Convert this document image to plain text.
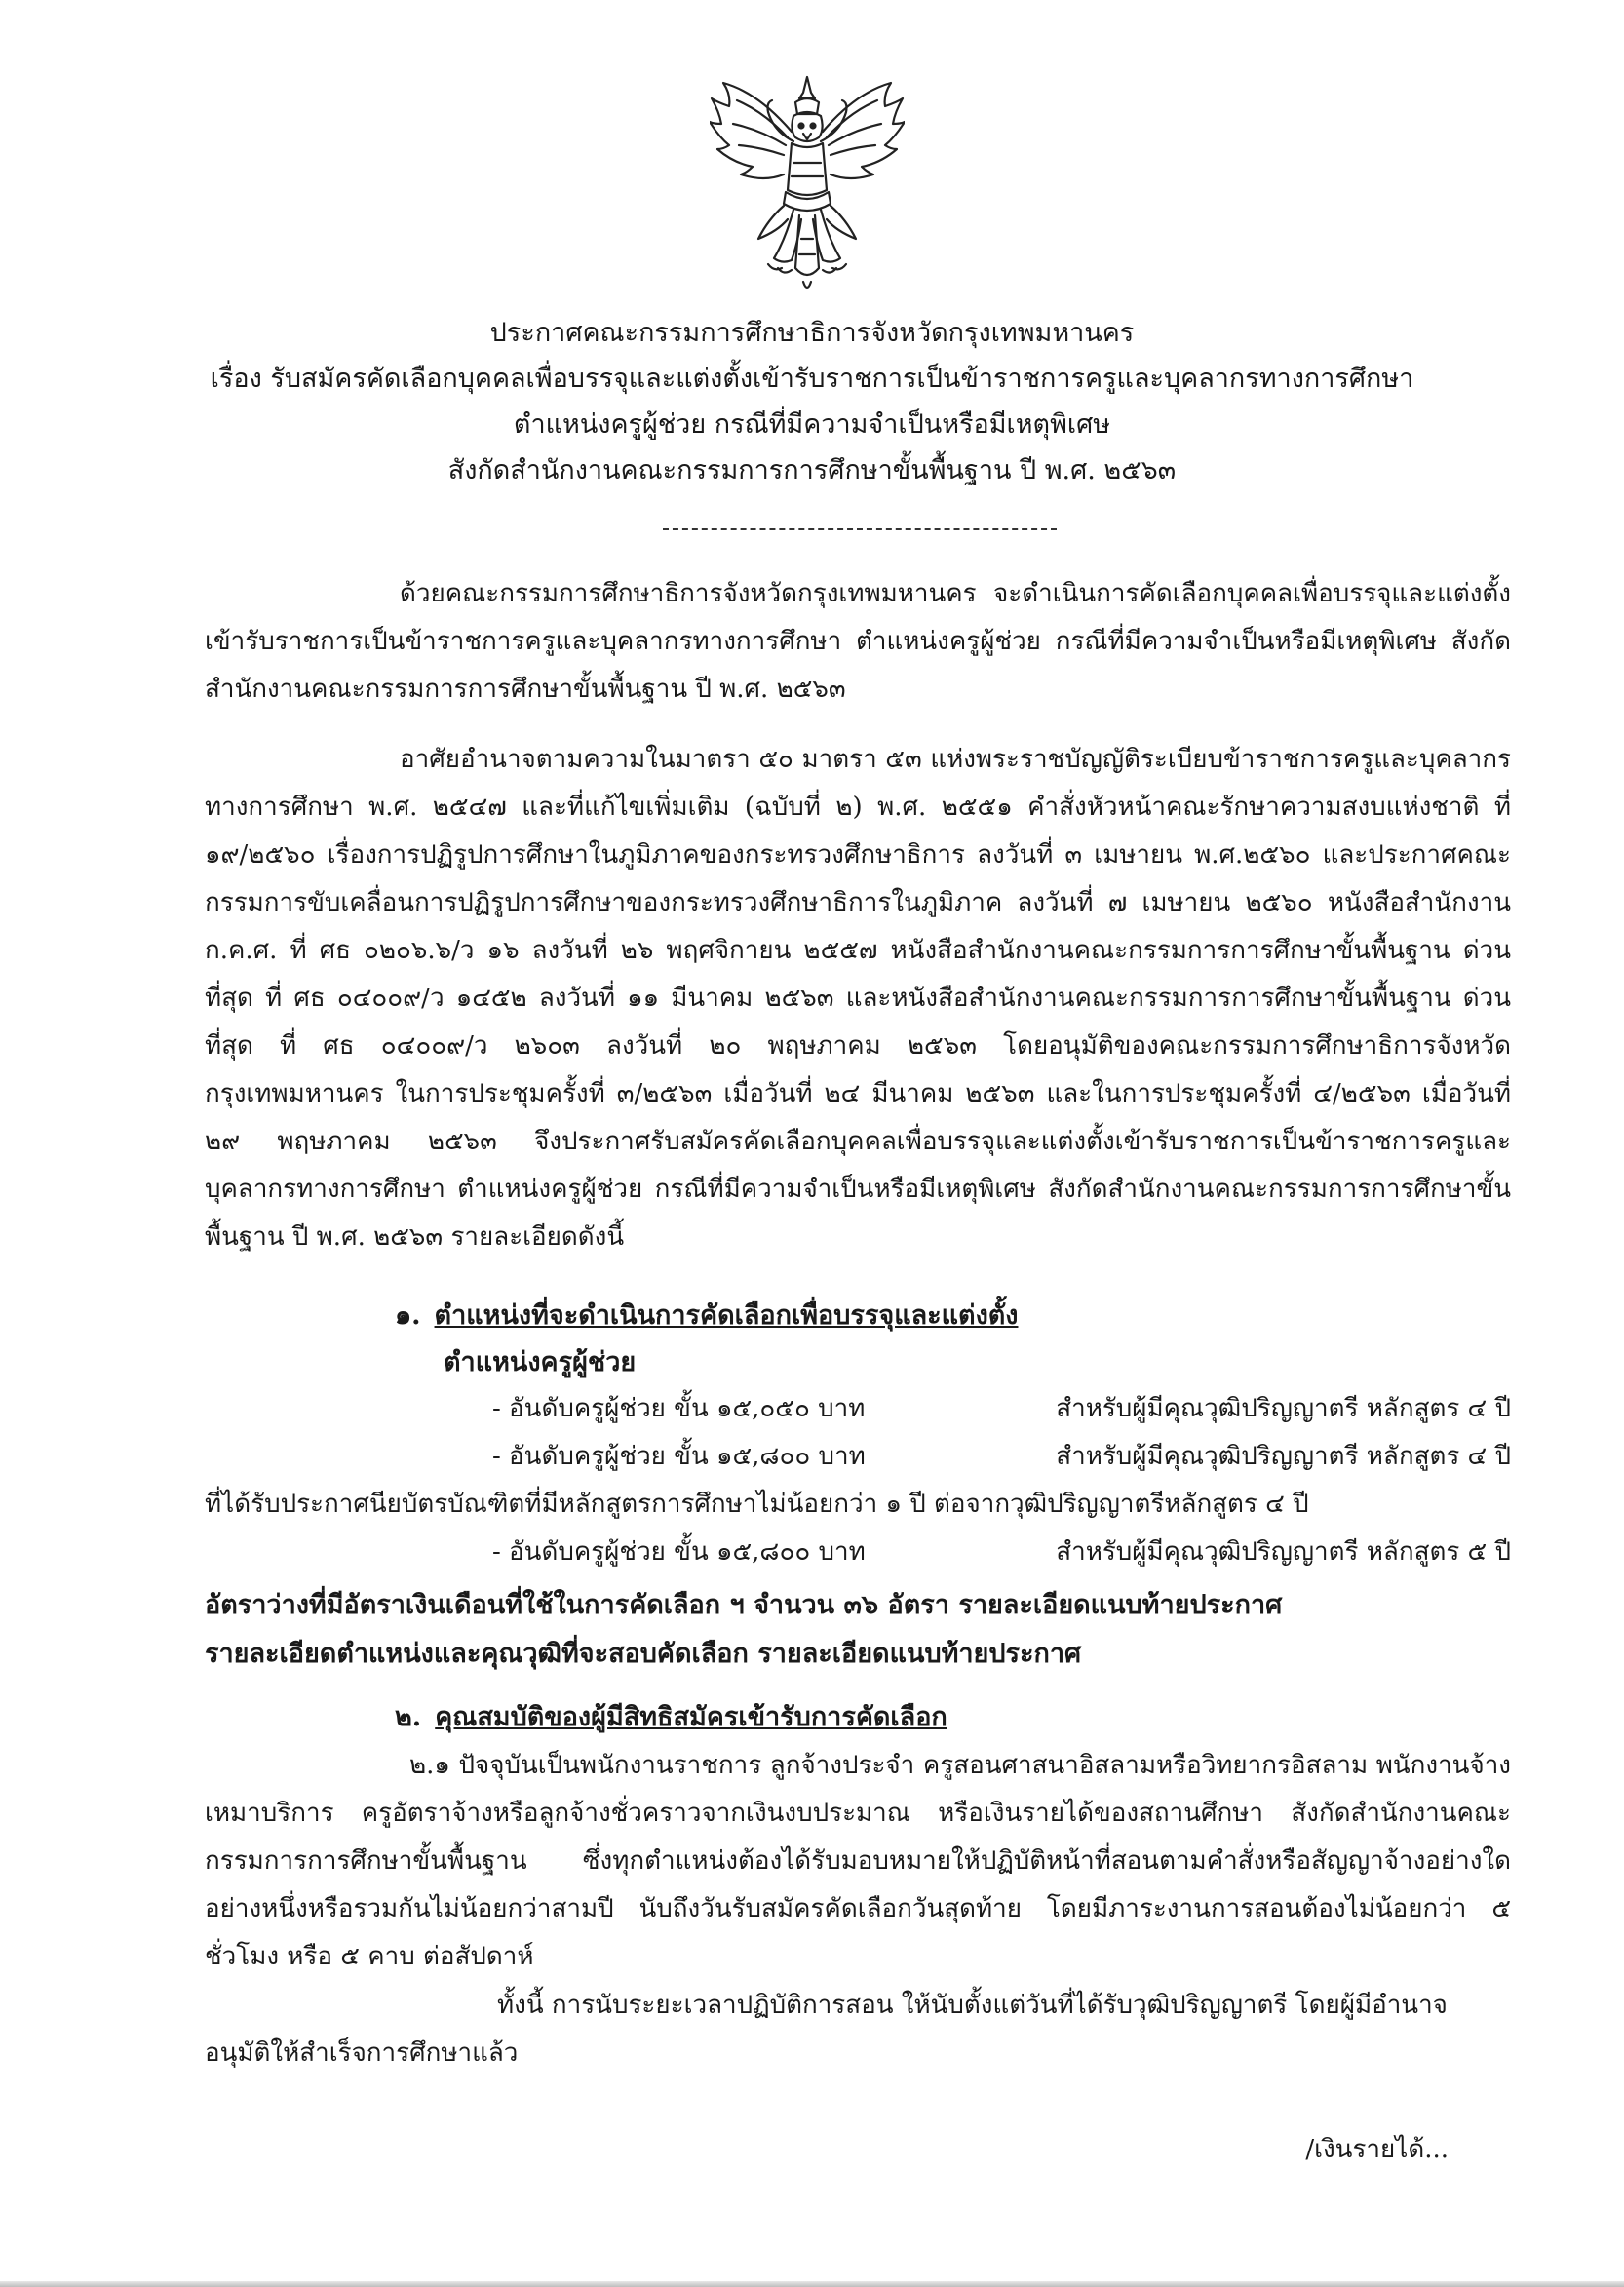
ประกาศคณะกรรมการศึกษาธิการจังหวัดกรุงเทพมหานคร
เรื่อง รับสมัครคัดเลือกบุคคลเพื่อบรรจุและแต่งตั้งเข้ารับราชการเป็นข้าราชการครูและบุคลากรทางการศึกษา
ตำแหน่งครูผู้ช่วย กรณีที่มีความจำเป็นหรือมีเหตุพิเศษ
สังกัดสำนักงานคณะกรรมการการศึกษาขั้นพื้นฐาน ปี พ.ศ. ๒๕๖๓

ด้วยคณะกรรมการศึกษาธิการจังหวัดกรุงเทพมหานคร จะดำเนินการคัดเลือกบุคคลเพื่อบรรจุและแต่งตั้งเข้ารับราชการเป็นข้าราชการครูและบุคลากรทางการศึกษา ตำแหน่งครูผู้ช่วย กรณีที่มีความจำเป็นหรือมีเหตุพิเศษ สังกัดสำนักงานคณะกรรมการการศึกษาขั้นพื้นฐาน ปี พ.ศ. ๒๕๖๓

อาศัยอำนาจตามความในมาตรา ๕๐ มาตรา ๕๓ แห่งพระราชบัญญัติระเบียบข้าราชการครูและบุคลากรทางการศึกษา พ.ศ. ๒๕๔๗ และที่แก้ไขเพิ่มเติม (ฉบับที่ ๒) พ.ศ. ๒๕๕๑ คำสั่งหัวหน้าคณะรักษาความสงบแห่งชาติ ที่ ๑๙/๒๕๖๐ เรื่องการปฏิรูปการศึกษาในภูมิภาคของกระทรวงศึกษาธิการ ลงวันที่ ๓ เมษายน พ.ศ.๒๕๖๐ และประกาศคณะกรรมการขับเคลื่อนการปฏิรูปการศึกษาของกระทรวงศึกษาธิการในภูมิภาค ลงวันที่ ๗ เมษายน ๒๕๖๐ หนังสือสำนักงาน ก.ค.ศ. ที่ ศธ ๐๒๐๖.๖/ว ๑๖ ลงวันที่ ๒๖ พฤศจิกายน ๒๕๕๗ หนังสือสำนักงานคณะกรรมการการศึกษาขั้นพื้นฐาน ด่วนที่สุด ที่ ศธ ๐๔๐๐๙/ว ๑๔๕๒ ลงวันที่ ๑๑ มีนาคม ๒๕๖๓ และหนังสือสำนักงานคณะกรรมการการศึกษาขั้นพื้นฐาน ด่วนที่สุด ที่ ศธ ๐๔๐๐๙/ว ๒๖๐๓ ลงวันที่ ๒๐ พฤษภาคม ๒๕๖๓ โดยอนุมัติของคณะกรรมการศึกษาธิการจังหวัดกรุงเทพมหานคร ในการประชุมครั้งที่ ๓/๒๕๖๓ เมื่อวันที่ ๒๔ มีนาคม ๒๕๖๓ และในการประชุมครั้งที่ ๔/๒๕๖๓ เมื่อวันที่ ๒๙ พฤษภาคม ๒๕๖๓ จึงประกาศรับสมัครคัดเลือกบุคคลเพื่อบรรจุและแต่งตั้งเข้ารับราชการเป็นข้าราชการครูและบุคลากรทางการศึกษา ตำแหน่งครูผู้ช่วย กรณีที่มีความจำเป็นหรือมีเหตุพิเศษ สังกัดสำนักงานคณะกรรมการการศึกษาขั้นพื้นฐาน ปี พ.ศ. ๒๕๖๓ รายละเอียดดังนี้

๑. ตำแหน่งที่จะดำเนินการคัดเลือกเพื่อบรรจุและแต่งตั้ง
ตำแหน่งครูผู้ช่วย
- อันดับครูผู้ช่วย ขั้น ๑๕,๐๕๐ บาท	สำหรับผู้มีคุณวุฒิปริญญาตรี หลักสูตร ๔ ปี
- อันดับครูผู้ช่วย ขั้น ๑๕,๘๐๐ บาท	สำหรับผู้มีคุณวุฒิปริญญาตรี หลักสูตร ๔ ปี
ที่ได้รับประกาศนียบัตรบัณฑิตที่มีหลักสูตรการศึกษาไม่น้อยกว่า ๑ ปี ต่อจากวุฒิปริญญาตรีหลักสูตร ๔ ปี
- อันดับครูผู้ช่วย ขั้น ๑๕,๘๐๐ บาท	สำหรับผู้มีคุณวุฒิปริญญาตรี หลักสูตร ๕ ปี
อัตราว่างที่มีอัตราเงินเดือนที่ใช้ในการคัดเลือก ฯ จำนวน ๓๖ อัตรา รายละเอียดแนบท้ายประกาศ
รายละเอียดตำแหน่งและคุณวุฒิที่จะสอบคัดเลือก รายละเอียดแนบท้ายประกาศ
๒. คุณสมบัติของผู้มีสิทธิสมัครเข้ารับการคัดเลือก

๒.๑ ปัจจุบันเป็นพนักงานราชการ ลูกจ้างประจำ ครูสอนศาสนาอิสลามหรือวิทยากรอิสลาม พนักงานจ้างเหมาบริการ ครูอัตราจ้างหรือลูกจ้างชั่วคราวจากเงินงบประมาณ หรือเงินรายได้ของสถานศึกษา สังกัดสำนักงานคณะกรรมการการศึกษาขั้นพื้นฐาน ซึ่งทุกตำแหน่งต้องได้รับมอบหมายให้ปฏิบัติหน้าที่สอนตามคำสั่งหรือสัญญาจ้างอย่างใดอย่างหนึ่งหรือรวมกันไม่น้อยกว่าสามปี นับถึงวันรับสมัครคัดเลือกวันสุดท้าย โดยมีภาระงานการสอนต้องไม่น้อยกว่า ๕ ชั่วโมง หรือ ๕ คาบ ต่อสัปดาห์

ทั้งนี้ การนับระยะเวลาปฏิบัติการสอน ให้นับตั้งแต่วันที่ได้รับวุฒิปริญญาตรี โดยผู้มีอำนาจอนุมัติให้สำเร็จการศึกษาแล้ว

/เงินรายได้...
